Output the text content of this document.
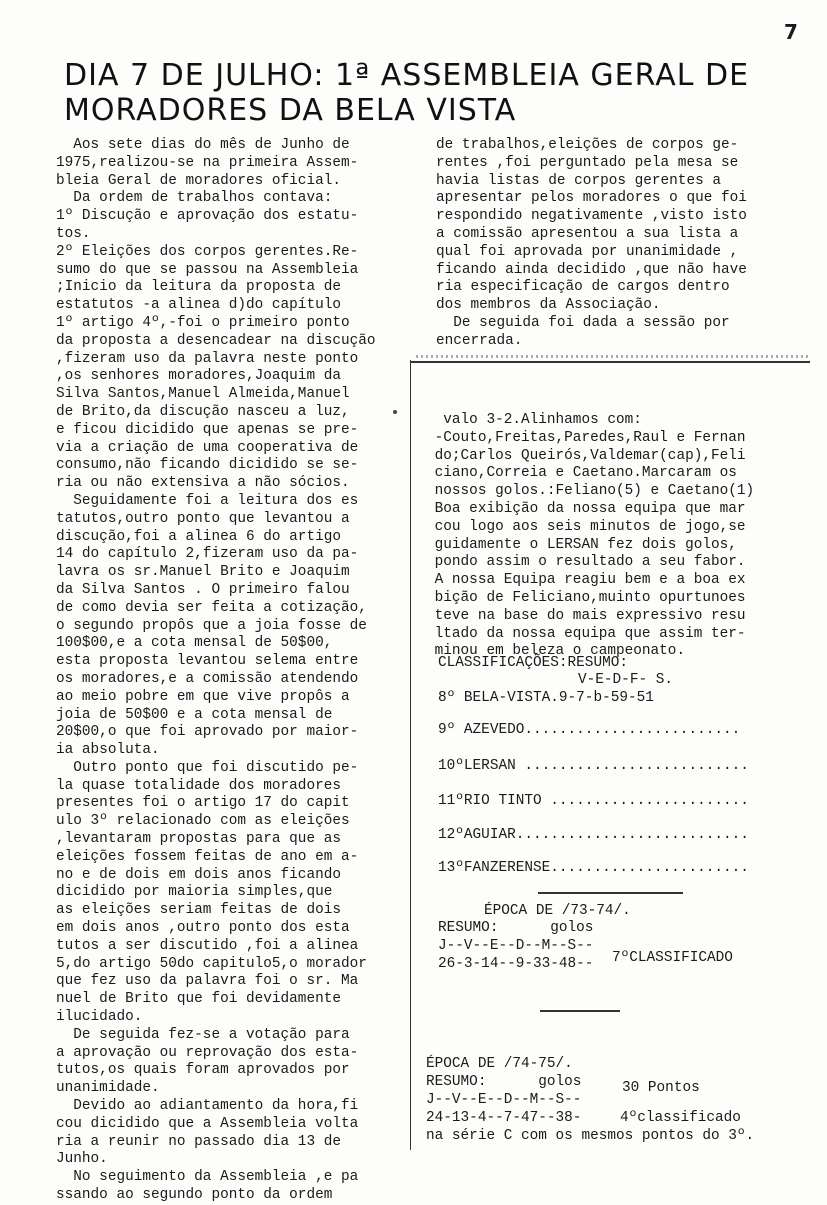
7
DIA 7 DE JULHO: 1ª ASSEMBLEIA GERAL DE
MORADORES DA BELA VISTA
Aos sete dias do mês de Junho de
1975,realizou-se na primeira Assem-
bleia Geral de moradores oficial.
Da ordem de trabalhos contava:
1º Discução e aprovação dos estatu-
tos.
2º Eleições dos corpos gerentes.Re-
sumo do que se passou na Assembleia
;Inicio da leitura da proposta de
estatutos -a alinea d)do capítulo
1º artigo 4º,-foi o primeiro ponto
da proposta a desencadear na discução
,fizeram uso da palavra neste ponto
,os senhores moradores,Joaquim da
Silva Santos,Manuel Almeida,Manuel
de Brito,da discução nasceu a luz,
e ficou dicidido que apenas se pre-
via a criação de uma cooperativa de
consumo,não ficando dicidido se se-
ria ou não extensiva a não sócios.
Seguidamente foi a leitura dos es
tatutos,outro ponto que levantou a
discução,foi a alinea 6 do artigo
14 do capítulo 2,fizeram uso da pa-
lavra os sr.Manuel Brito e Joaquim
da Silva Santos . O primeiro falou
de como devia ser feita a cotização,
o segundo propôs que a joia fosse de
100$00,e a cota mensal de 50$00,
esta proposta levantou selema entre
os moradores,e a comissão atendendo
ao meio pobre em que vive propôs a
joia de 50$00 e a cota mensal de
20$00,o que foi aprovado por maior-
ia absoluta.
Outro ponto que foi discutido pe-
la quase totalidade dos moradores
presentes foi o artigo 17 do capit
ulo 3º relacionado com as eleições
,levantaram propostas para que as
eleições fossem feitas de ano em a-
no e de dois em dois anos ficando
dicidido por maioria simples,que
as eleições seriam feitas de dois
em dois anos ,outro ponto dos esta
tutos a ser discutido ,foi a alinea
5,do artigo 50do capitulo5,o morador
que fez uso da palavra foi o sr. Ma
nuel de Brito que foi devidamente
ilucidado.
De seguida fez-se a votação para
a aprovação ou reprovação dos esta-
tutos,os quais foram aprovados por
unanimidade.
Devido ao adiantamento da hora,fi
cou dicidido que a Assembleia volta
ria a reunir no passado dia 13 de
Junho.
No seguimento da Assembleia ,e pa
ssando ao segundo ponto da ordem
de trabalhos,eleições de corpos ge-
rentes ,foi perguntado pela mesa se
havia listas de corpos gerentes a
apresentar pelos moradores o que foi
respondido negativamente ,visto isto
a comissão apresentou a sua lista a
qual foi aprovada por unanimidade ,
ficando ainda decidido ,que não have
ria especificação de cargos dentro
dos membros da Associação.
De seguida foi dada a sessão por
encerrada.
valo 3-2.Alinhamos com:
-Couto,Freitas,Paredes,Raul e Fernan
do;Carlos Queirós,Valdemar(cap),Feli
ciano,Correia e Caetano.Marcaram os
nossos golos.:Feliano(5) e Caetano(1)
Boa exibição da nossa equipa que mar
cou logo aos seis minutos de jogo,se
guidamente o LERSAN fez dois golos,
pondo assim o resultado a seu fabor.
A nossa Equipa reagiu bem e a boa ex
bição de Feliciano,muinto opurtunoes
teve na base do mais expressivo resu
ltado da nossa equipa que assim ter-
minou em beleza o campeonato.
CLASSIFICAÇÕES:RESUMO:
V-E-D-F- S.
8º BELA-VISTA.9-7-b-59-51
9º AZEVEDO.........................
10ºLERSAN ..........................
11ºRIO TINTO .......................
12ºAGUIAR...........................
13ºFANZERENSE.......................
ÉPOCA DE /73-74/.
RESUMO:      golos
J--V--E--D--M--S--
26-3-14--9-33-48-- 7ºCLASSIFICADO
ÉPOCA DE /74-75/.
RESUMO:      golos	30 Pontos
J--V--E--D--M--S--
24-13-4--7-47--38-	4ºclassificado
na série C com os mesmos pontos do 3º.
